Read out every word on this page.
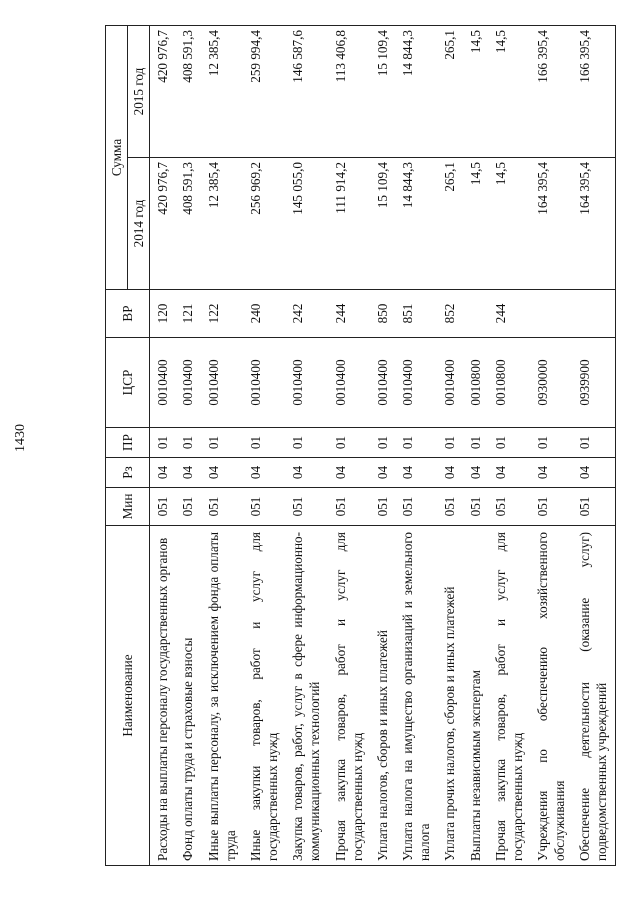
1430
Наименование	Мин	Рз	ПР	ЦСР	ВР	Сумма	
						2014 год	2015 год
Расходы на выплаты персоналу государственных органов	051	04	01	0010400	120	420 976,7	420 976,7
Фонд оплаты труда и страховые взносы	051	04	01	0010400	121	408 591,3	408 591,3
Иные выплаты персоналу, за исключением фонда оплаты труда	051	04	01	0010400	122	12 385,4	12 385,4
Иные закупки товаров, работ и услуг для государственных нужд	051	04	01	0010400	240	256 969,2	259 994,4
Закупка товаров, работ, услуг в сфере информационно-коммуникационных технологий	051	04	01	0010400	242	145 055,0	146 587,6
Прочая закупка товаров, работ и услуг для государственных нужд	051	04	01	0010400	244	111 914,2	113 406,8
Уплата налогов, сборов и иных платежей	051	04	01	0010400	850	15 109,4	15 109,4
Уплата налога на имущество организаций и земельного налога	051	04	01	0010400	851	14 844,3	14 844,3
Уплата прочих налогов, сборов и иных платежей	051	04	01	0010400	852	265,1	265,1
Выплаты независимым экспертам	051	04	01	0010800		14,5	14,5
Прочая закупка товаров, работ и услуг для государственных нужд	051	04	01	0010800	244	14,5	14,5
Учреждения по обеспечению хозяйственного обслуживания	051	04	01	0930000		164 395,4	166 395,4
Обеспечение деятельности (оказание услуг) подведомственных учреждений	051	04	01	0939900		164 395,4	166 395,4
